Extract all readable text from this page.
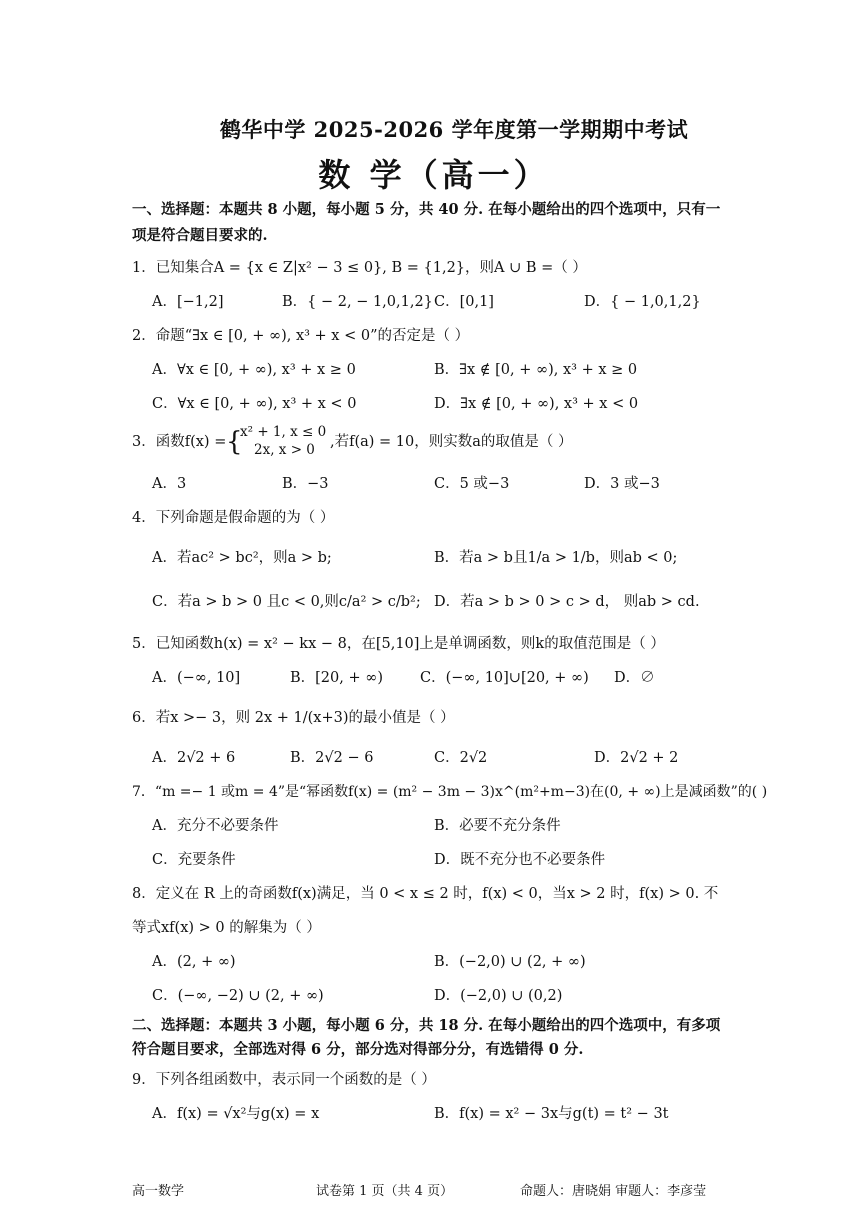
鹤华中学 2025-2026 学年度第一学期期中考试
数 学（高一）
一、选择题：本题共 8 小题，每小题 5 分，共 40 分. 在每小题给出的四个选项中，只有一
项是符合题目要求的.
1．已知集合A = {x ∈ Z|x² − 3 ≤ 0}, B = {1,2}，则A ∪ B =（ ）
A．[−1,2]	B．{ − 2, − 1,0,1,2} C．[0,1]	D．{ − 1,0,1,2}
2．命题“∃x ∈ [0, + ∞), x³ + x < 0”的否定是（ ）
A．∀x ∈ [0, + ∞), x³ + x ≥ 0	B．∃x ∉ [0, + ∞), x³ + x ≥ 0
C．∀x ∈ [0, + ∞), x³ + x < 0	D．∃x ∉ [0, + ∞), x³ + x < 0
3．函数f(x) = {
x² + 1, x ≤ 0
2x, x > 0 ,若f(a) = 10，则实数a的取值是（ ）
A．3	B．−3	C．5 或−3	D．3 或−3
4．下列命题是假命题的为（ ）
A．若ac² > bc²，则a > b;	B．若a > b且1/a > 1/b，则ab < 0;
C．若a > b > 0 且c < 0,则c/a² > c/b²; D．若a > b > 0 > c > d， 则ab > cd.
5．已知函数h(x) = x² − kx − 8，在[5,10]上是单调函数，则k的取值范围是（ ）
A．(−∞, 10]	B．[20, + ∞)	C．(−∞, 10]∪[20, + ∞) D．∅
6．若x >− 3，则 2x + 1/(x+3)的最小值是（ ）
A．2√2 + 6	B．2√2 − 6	C．2√2	D．2√2 + 2
7．“m =− 1 或m = 4”是“幂函数f(x) = (m² − 3m − 3)x^(m²+m−3)在(0, + ∞)上是减函数”的( )
A．充分不必要条件	B．必要不充分条件
C．充要条件	D．既不充分也不必要条件
8．定义在 R 上的奇函数f(x)满足，当 0 < x ≤ 2 时，f(x) < 0，当x > 2 时，f(x) > 0. 不
等式xf(x) > 0 的解集为（ ）
A．(2, + ∞)	B．(−2,0) ∪ (2, + ∞)
C．(−∞, −2) ∪ (2, + ∞)	D．(−2,0) ∪ (0,2)
二、选择题：本题共 3 小题，每小题 6 分，共 18 分. 在每小题给出的四个选项中，有多项
符合题目要求，全部选对得 6 分，部分选对得部分分，有选错得 0 分.
9．下列各组函数中，表示同一个函数的是（ ）
A．f(x) = √x²与g(x) = x	B．f(x) = x² − 3x与g(t) = t² − 3t
高一数学	试卷第 1 页（共 4 页）	命题人：唐晓娟 审题人：李彦莹
